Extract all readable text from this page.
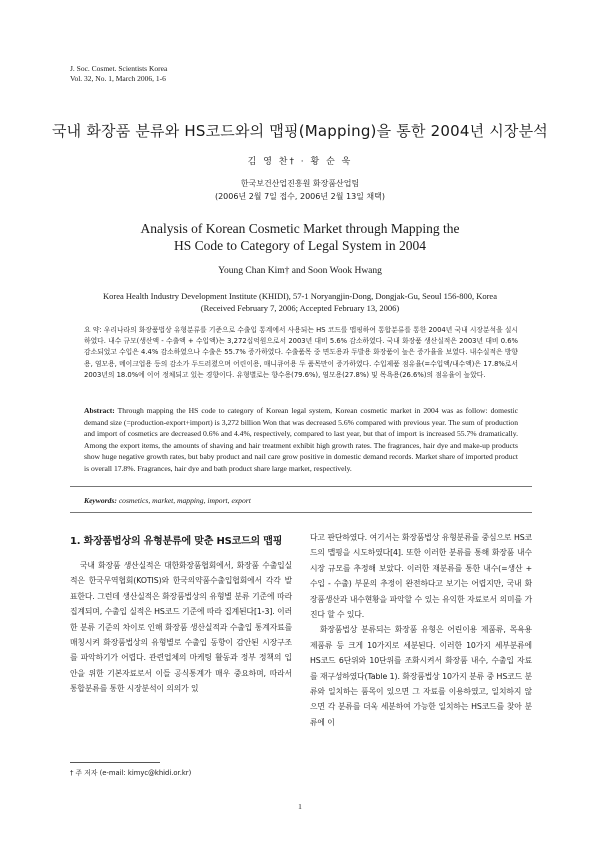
J. Soc. Cosmet. Scientists Korea
Vol. 32, No. 1, March 2006, 1-6
국내 화장품 분류와 HS코드와의 맵핑(Mapping)을 통한 2004년 시장분석
김 영 찬† · 황 순 욱
한국보건산업진흥원 화장품산업팀
(2006년 2월 7일 접수, 2006년 2월 13일 채택)
Analysis of Korean Cosmetic Market through Mapping the
HS Code to Category of Legal System in 2004
Young Chan Kim† and Soon Wook Hwang
Korea Health Industry Development Institute (KHIDI), 57-1 Noryangjin-Dong, Dongjak-Gu, Seoul 156-800, Korea
(Received February 7, 2006; Accepted February 13, 2006)
요 약: 우리나라의 화장품법상 유형분류를 기준으로 수출입 통계에서 사용되는 HS 코드를 맵핑하여 통합분류를 통한 2004년 국내 시장분석을 실시하였다. 내수 규모(생산액 - 수출액 + 수입액)는 3,272십억원으로서 2003년 대비 5.6% 감소하였다. 국내 화장품 생산실적은 2003년 대비 0.6% 감소되었고 수입은 4.4% 감소하였으나 수출은 55.7% 증가하였다. 수출품목 중 면도용과 두발용 화장품이 높은 증가율을 보였다. 내수실적은 방향용, 염모용, 메이크업용 등의 감소가 두드러졌으며 어린이용, 매니큐어용 두 품목만이 증가하였다. 수입제품 점유율(=수입액/내수액)은 17.8%로서 2003년의 18.0%에 이어 정체되고 있는 경향이다. 유형별로는 향수용(79.6%), 염모용(27.8%) 및 목욕용(26.6%)의 점유율이 높았다.
Abstract: Through mapping the HS code to category of Korean legal system, Korean cosmetic market in 2004 was as follow: domestic demand size (=production-export+import) is 3,272 billion Won that was decreased 5.6% compared with previous year. The sum of production and import of cosmetics are decreased 0.6% and 4.4%, respectively, compared to last year, but that of import is increased 55.7% dramatically. Among the export items, the amounts of shaving and hair treatment exhibit high growth rates. The fragrances, hair dye and make-up products show huge negative growth rates, but baby product and nail care grow positive in domestic demand records. Market share of imported product is overall 17.8%. Fragrances, hair dye and bath product share large market, respectively.
Keywords: cosmetics, market, mapping, import, export
1. 화장품법상의 유형분류에 맞춘 HS코드의 맵핑

국내 화장품 생산실적은 대한화장품협회에서, 화장품 수출입실적은 한국무역협회(KOTIS)와 한국의약품수출입협회에서 각각 발표한다. 그런데 생산실적은 화장품법상의 유형별 분류 기준에 따라 집계되며, 수출입 실적은 HS코드 기준에 따라 집계된다[1-3]. 이러한 분류 기준의 차이로 인해 화장품 생산실적과 수출입 통계자료를 매칭시켜 화장품법상의 유형별로 수출입 동향이 감안된 시장구조를 파악하기가 어렵다. 관련업체의 마케팅 활동과 정부 정책의 입안을 위한 기본자료로서 이들 공식통계가 매우 중요하며, 따라서 통합분류를 통한 시장분석이 의의가 있

다고 판단하였다. 여기서는 화장품법상 유형분류를 중심으로 HS코드의 맵핑을 시도하였다[4]. 또한 이러한 분류를 통해 화장품 내수 시장 규모를 추정해 보았다. 이러한 재분류를 통한 내수(=생산 + 수입 - 수출) 부문의 추정이 완전하다고 보기는 어렵지만, 국내 화장품생산과 내수현황을 파악할 수 있는 유익한 자료로서 의미를 가진다 할 수 있다.

화장품법상 분류되는 화장품 유형은 어린이용 제품류, 목욕용 제품류 등 크게 10가지로 세분된다. 이러한 10가지 세부분류에 HS코드 6단위와 10단위를 조화시켜서 화장품 내수, 수출입 자료를 재구성하였다(Table 1). 화장품법상 10가지 분류 중 HS코드 분류와 일치하는 품목이 있으면 그 자료를 이용하였고, 일치하지 않으면 각 분류를 더욱 세분하여 가능한 일치하는 HS코드를 찾아 분류에 이

† 주 저자 (e-mail: kimyc@khidi.or.kr)
1
